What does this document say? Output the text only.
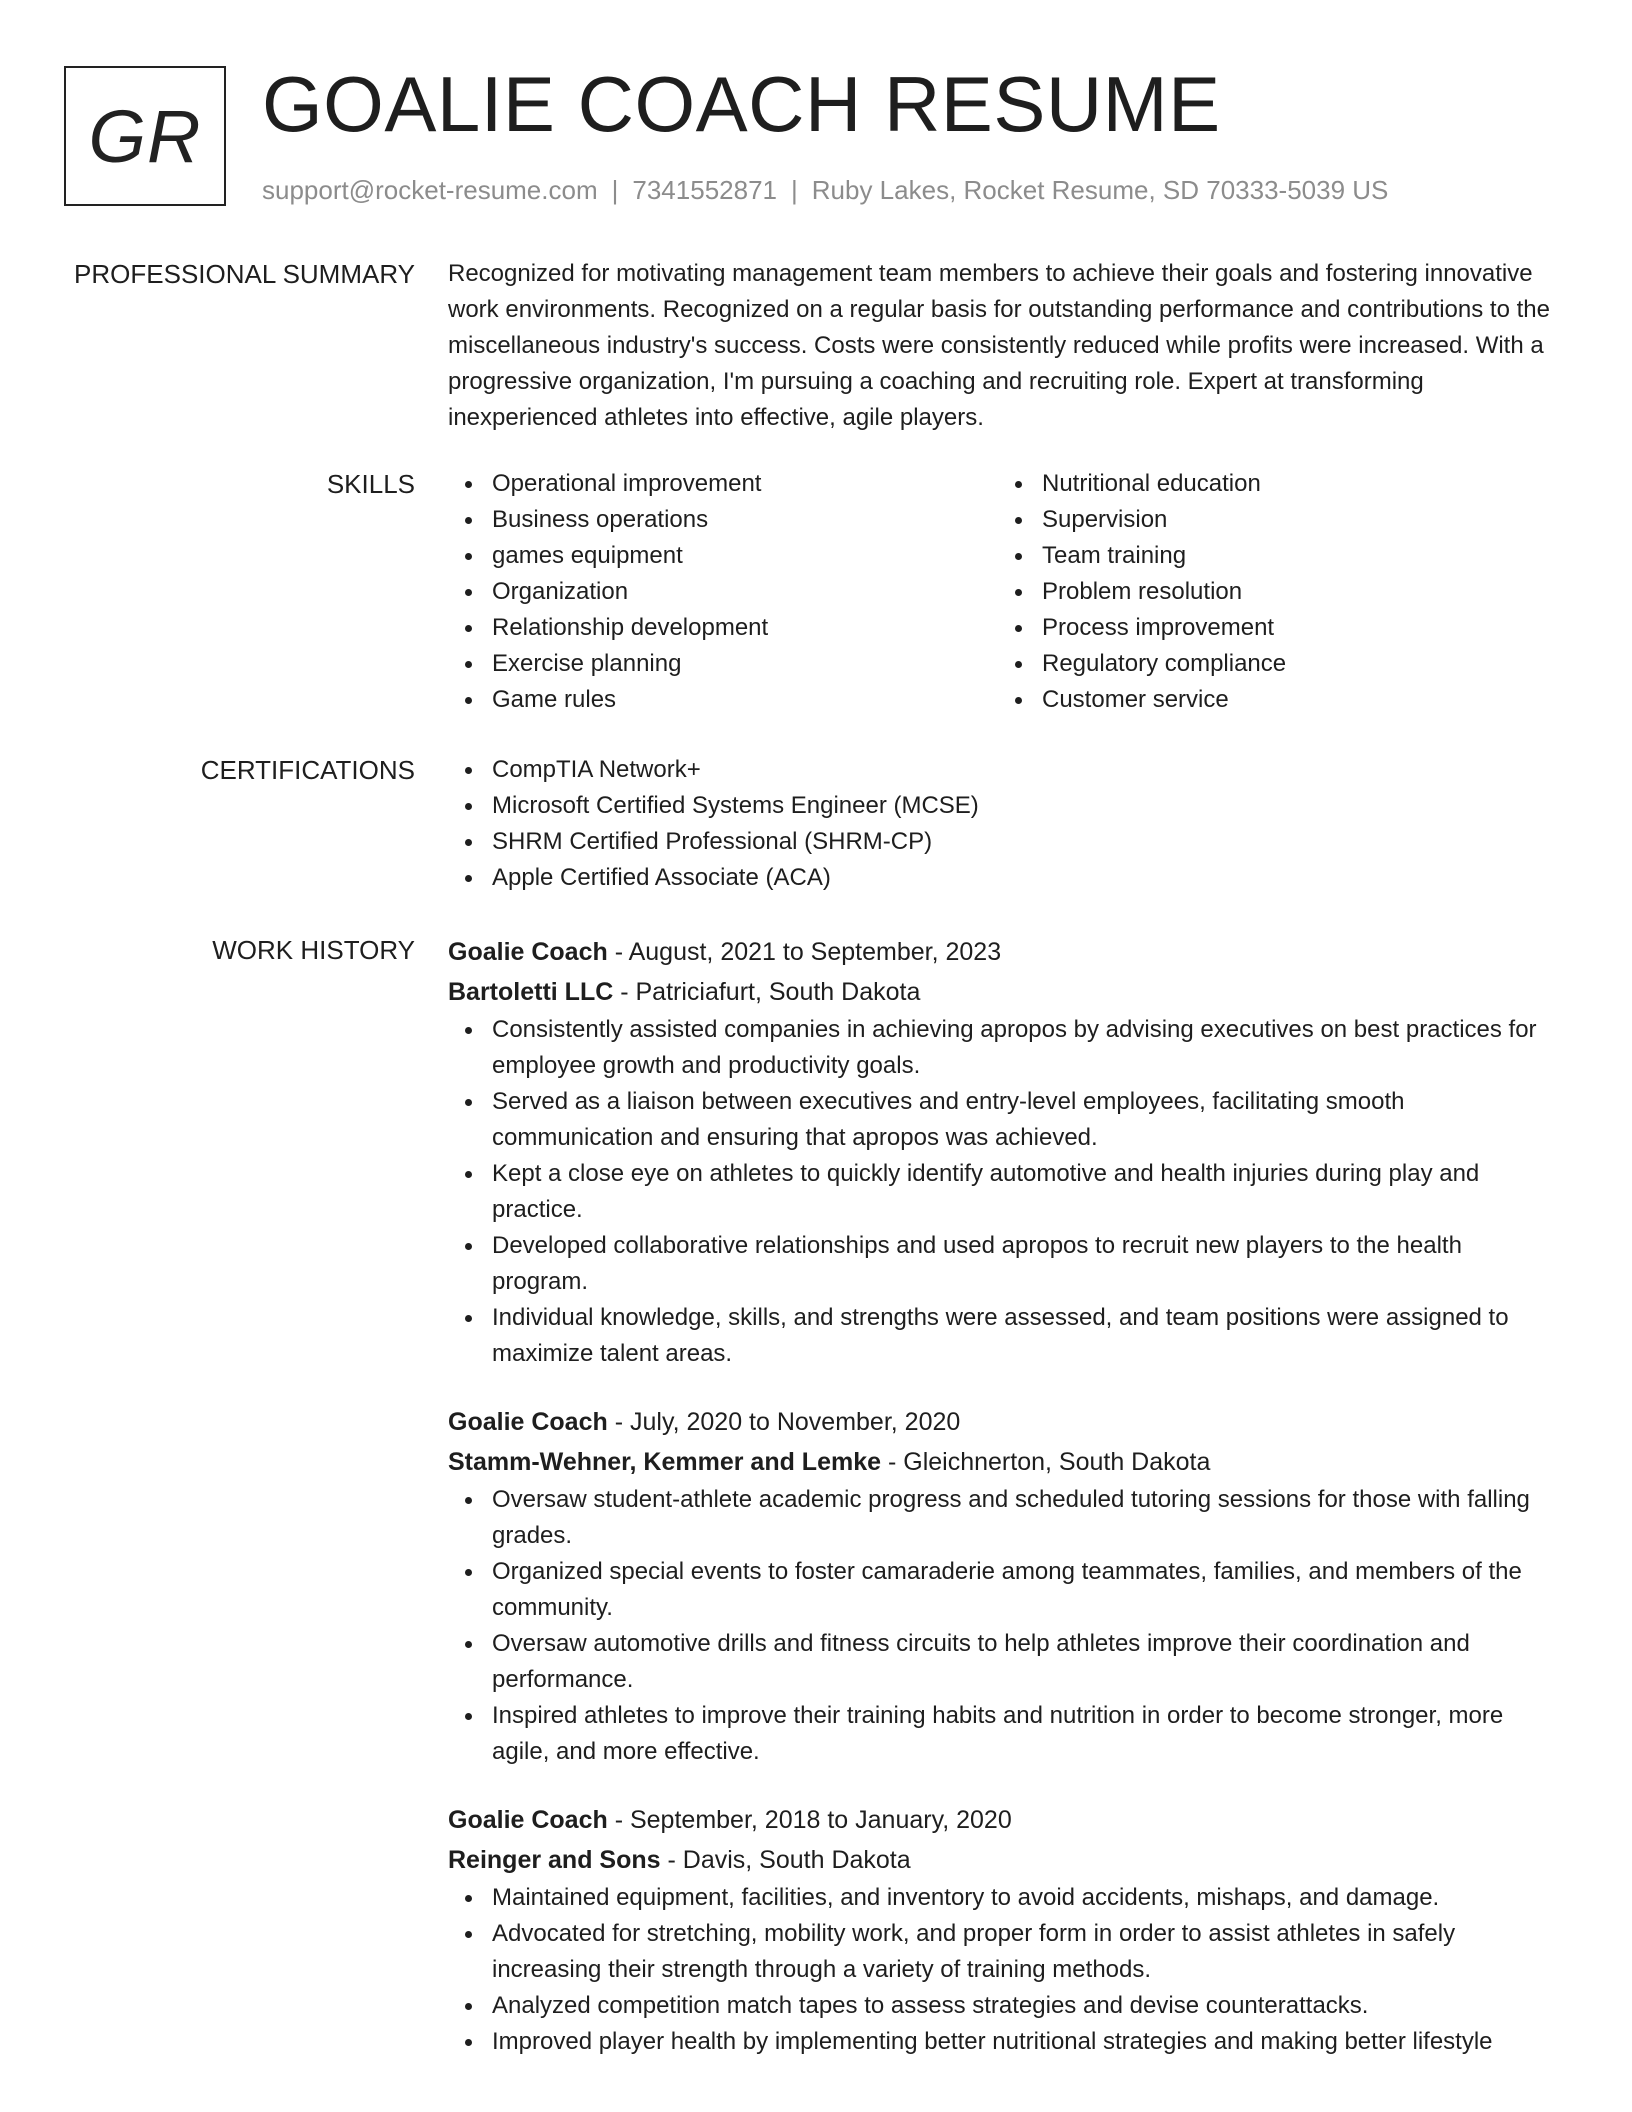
GR GOALIE COACH RESUME
support@rocket-resume.com | 7341552871 | Ruby Lakes, Rocket Resume, SD 70333-5039 US
PROFESSIONAL SUMMARY Recognized for motivating management team members to achieve their goals and fostering innovative work environments. Recognized on a regular basis for outstanding performance and contributions to the miscellaneous industry's success. Costs were consistently reduced while profits were increased. With a progressive organization, I'm pursuing a coaching and recruiting role. Expert at transforming inexperienced athletes into effective, agile players.

SKILLS	Operational improvement
Business operations
games equipment
Organization
Relationship development
Exercise planning
Game rules
Nutritional education
Supervision
Team training
Problem resolution
Process improvement
Regulatory compliance
Customer service
CERTIFICATIONS	CompTIA Network+
Microsoft Certified Systems Engineer (MCSE)
SHRM Certified Professional (SHRM-CP)
Apple Certified Associate (ACA)
WORK HISTORY Goalie Coach - August, 2021 to September, 2023
Bartoletti LLC - Patriciafurt, South Dakota
Consistently assisted companies in achieving apropos by advising executives on best practices for employee growth and productivity goals.
Served as a liaison between executives and entry-level employees, facilitating smooth communication and ensuring that apropos was achieved.
Kept a close eye on athletes to quickly identify automotive and health injuries during play and practice.
Developed collaborative relationships and used apropos to recruit new players to the health program.
Individual knowledge, skills, and strengths were assessed, and team positions were assigned to maximize talent areas.
Goalie Coach - July, 2020 to November, 2020
Stamm-Wehner, Kemmer and Lemke - Gleichnerton, South Dakota
Oversaw student-athlete academic progress and scheduled tutoring sessions for those with falling grades.
Organized special events to foster camaraderie among teammates, families, and members of the community.
Oversaw automotive drills and fitness circuits to help athletes improve their coordination and performance.
Inspired athletes to improve their training habits and nutrition in order to become stronger, more agile, and more effective.
Goalie Coach - September, 2018 to January, 2020
Reinger and Sons - Davis, South Dakota
Maintained equipment, facilities, and inventory to avoid accidents, mishaps, and damage.
Advocated for stretching, mobility work, and proper form in order to assist athletes in safely increasing their strength through a variety of training methods.
Analyzed competition match tapes to assess strategies and devise counterattacks.
Improved player health by implementing better nutritional strategies and making better lifestyle
